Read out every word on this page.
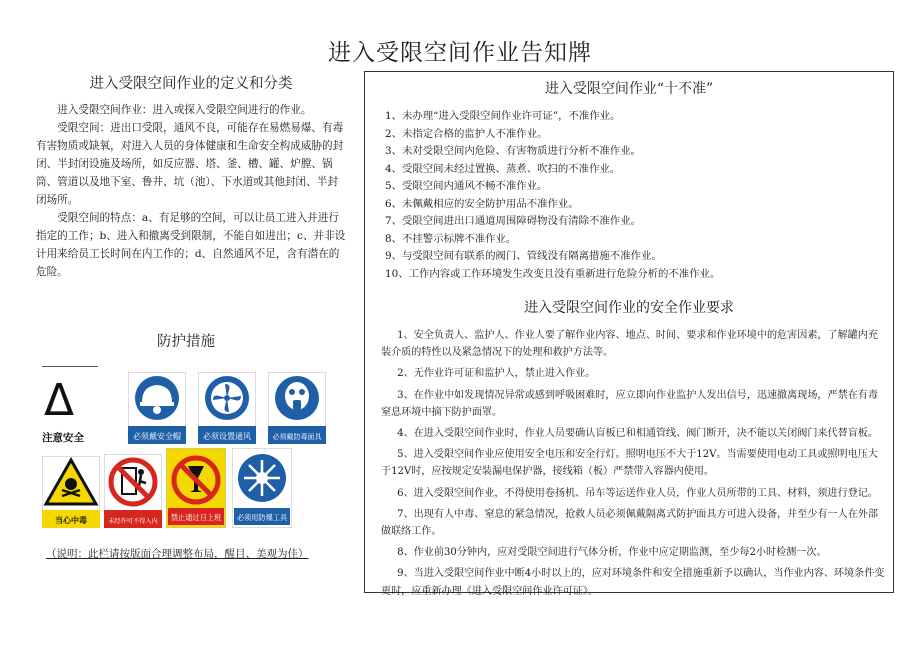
进入受限空间作业告知牌
进入受限空间作业的定义和分类

进入受限空间作业：进入或探入受限空间进行的作业。

受限空间：进出口受限，通风不良，可能存在易燃易爆、有毒有害物质或缺氧，对进入人员的身体健康和生命安全构成威胁的封闭、半封闭设施及场所，如反应器、塔、釜、槽、罐、炉膛、锅筒、管道以及地下室、鲁井、坑（池）、下水道或其他封闭、半封闭场所。

受限空间的特点：a、有足够的空间，可以让员工进入并进行指定的工作；b、进入和撤离受到限制，不能自如进出；c、并非设计用来给员工长时间在内工作的；d、自然通风不足，含有潜在的危险。

防护措施
Δ
注意安全	必须戴安全帽	必须设置通风	必须戴防毒面具
当心中毒	未经许可不得入内 禁止通过日上班 必须用防爆工具
（说明：此栏请按版面合理调整布局，醒目、美观为佳）
进入受限空间作业“十不准”
1、未办理“进入受限空间作业许可证”，不准作业。
2、未指定合格的监护人不准作业。
3、未对受限空间内危险、有害物质进行分析不准作业。
4、受限空间未经过置换、蒸煮、吹扫的不准作业。
5、受限空间内通风不畅不准作业。
6、未佩戴相应的安全防护用品不准作业。
7、受限空间进出口通道周围障碍物没有清除不准作业。
8、不挂警示标牌不准作业。
9、与受限空间有联系的阀门、管线没有隔离措施不准作业。
10、工作内容或工作环境发生改变且没有重新进行危险分析的不准作业。
进入受限空间作业的安全作业要求

1、安全负责人、监护人、作业人要了解作业内容、地点、时间、要求和作业环境中的危害因素，了解罐内充装介质的特性以及紧急情况下的处理和救护方法等。

2、无作业许可证和监护人，禁止进入作业。

3、在作业中如发现情况异常或感到呼吸困难时，应立即向作业监护人发出信号，迅速撤离现场，严禁在有毒窒息环境中摘下防护面罩。

4、在进入受限空间作业时，作业人员要确认盲板已和相通管线、阀门断开，决不能以关闭阀门来代替盲板。

5、进入受限空间作业应使用安全电压和安全行灯。照明电压不大于12V。当需要使用电动工具或照明电压大于12V时，应按规定安装漏电保护器，接线箱（板）严禁带入容器内使用。

6、进入受限空间作业，不得使用卷扬机、吊车等运送作业人员，作业人员所带的工具、材料，须进行登记。

7、出现有人中毒、窒息的紧急情况，抢救人员必须佩戴隔离式防护面具方可进入设备，并至少有一人在外部做联络工作。

8、作业前30分钟内，应对受限空间进行气体分析，作业中应定期监测，至少每2小时检测一次。

9、当进入受限空间作业中断4小时以上的，应对环境条件和安全措施重新予以确认，当作业内容、环境条件变更时，应重新办理《进入受限空间作业许可证》。
